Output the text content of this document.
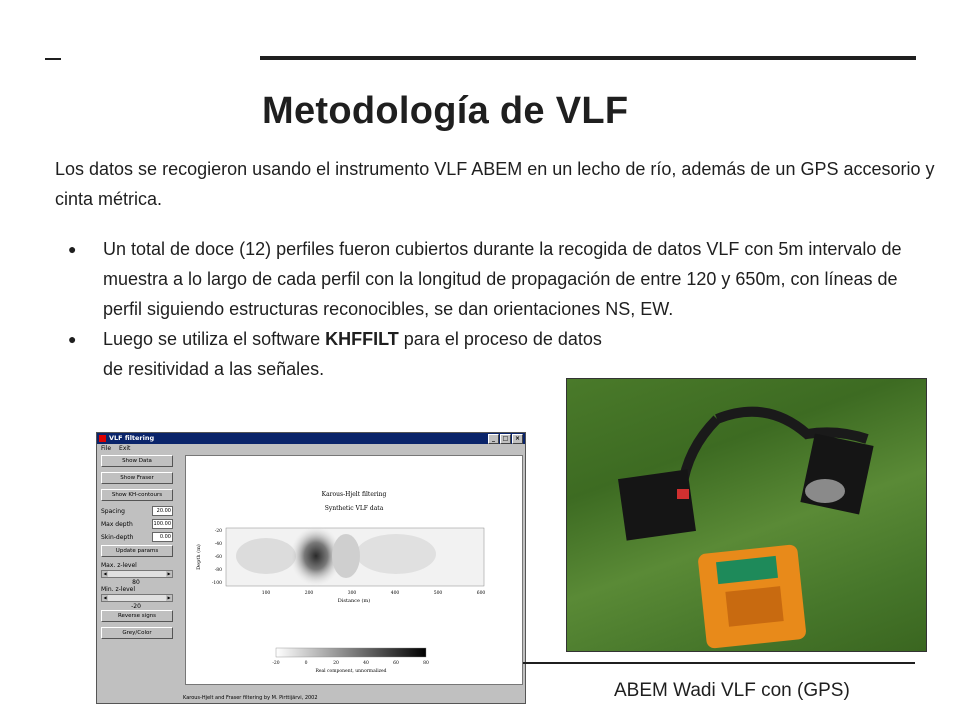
Metodología de VLF
Los datos se recogieron usando el instrumento VLF ABEM en un lecho de río, además de un GPS accesorio y cinta métrica.
● Un total de doce (12) perfiles fueron cubiertos durante la recogida de datos VLF con 5m intervalo de muestra a lo largo de cada perfil con la longitud de propagación de entre 120 y 650m, con líneas de perfil siguiendo estructuras reconocibles, se dan orientaciones NS, EW.
● Luego se utiliza el software KHFFILT para el proceso de datos de resitividad a las señales.
VLF filtering	_	□	×
File Exit
Show Data
Show Fraser
Show KH-contours
Spacing	20.00
Max depth	100.00
Skin-depth	0.00
Update params
Max. z-level
◀	▶
80
Min. z-level
◀	▶
-20
Reverse signs
Grey/Color
Karous-Hjelt filtering
Synthetic VLF data
Depth (m)
-20
-40
-60
-80
-100
100	200	300	400	500	600
Distance (m)
-20	0	20	40	60	80
Real component, unnormalized
Karous-Hjelt and Fraser filtering by M. Pirttijärvi, 2002	ABEM Wadi VLF con (GPS)
